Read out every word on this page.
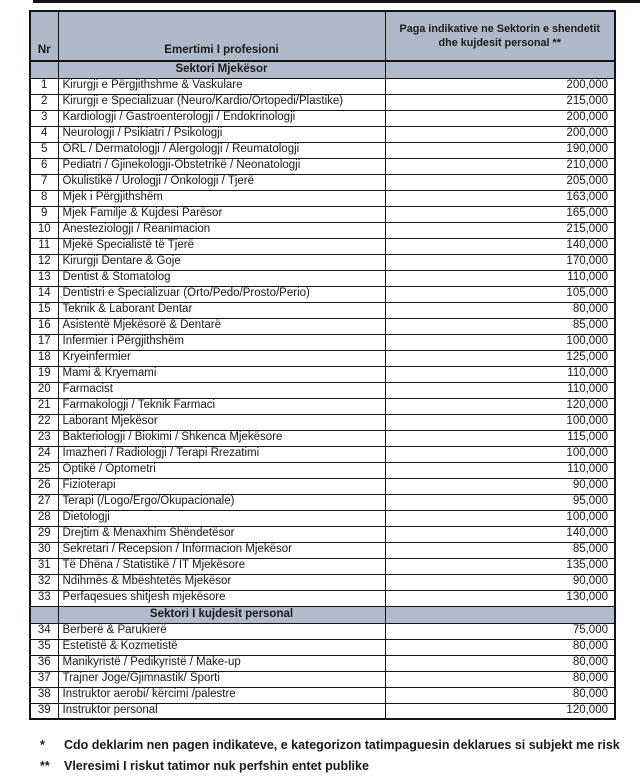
Nr	Emertimi I profesioni	Paga indikative ne Sektorin e shendetit dhe kujdesit personal **
	Sektori Mjekësor	
1	Kirurgji e Përgjithshme & Vaskulare	200,000
2	Kirurgji e Specializuar (Neuro/Kardio/Ortopedi/Plastike)	215,000
3	Kardiologji / Gastroenterologji / Endokrinologji	200,000
4	Neurologji / Psikiatri / Psikologji	200,000
5	ORL / Dermatologji / Alergologji / Reumatologji	190,000
6	Pediatri / Gjinekologji-Obstetrikë / Neonatologji	210,000
7	Okulistikë / Urologji / Onkologji / Tjerë	205,000
8	Mjek i Përgjithshëm	163,000
9	Mjek Familje & Kujdesi Parësor	165,000
10	Anesteziologji / Reanimacion	215,000
11	Mjekë Specialistë të Tjerë	140,000
12	Kirurgji Dentare & Goje	170,000
13	Dentist & Stomatolog	110,000
14	Dentistri e Specializuar (Orto/Pedo/Prosto/Perio)	105,000
15	Teknik & Laborant Dentar	80,000
16	Asistentë Mjekësorë & Dentarë	85,000
17	Infermier i Përgjithshëm	100,000
18	Kryeinfermier	125,000
19	Mami & Kryemami	110,000
20	Farmacist	110,000
21	Farmakologji / Teknik Farmaci	120,000
22	Laborant Mjekësor	100,000
23	Bakteriologji / Biokimi / Shkenca Mjekësore	115,000
24	Imazheri / Radiologji / Terapi Rrezatimi	100,000
25	Optikë / Optometri	110,000
26	Fizioterapi	90,000
27	Terapi (/Logo/Ergo/Okupacionale)	95,000
28	Dietologji	100,000
29	Drejtim & Menaxhim Shëndetësor	140,000
30	Sekretari / Recepsion / Informacion Mjekësor	85,000
31	Të Dhëna / Statistikë / IT Mjekësore	135,000
32	Ndihmës & Mbështetës Mjekësor	90,000
33	Perfaqesues shitjesh mjekësore	130,000
	Sektori I kujdesit personal	
34	Berberë & Parukierë	75,000
35	Estetistë & Kozmetistë	80,000
36	Manikyristë / Pedikyristë / Make-up	80,000
37	Trajner Joge/Gjimnastik/ Sporti	80,000
38	Instruktor aerobi/ kërcimi /palestre	80,000
39	Instruktor personal	120,000
*	Cdo deklarim nen pagen indikateve, e kategorizon tatimpaguesin deklarues si subjekt me risk
**	Vleresimi I riskut tatimor nuk perfshin entet publike
